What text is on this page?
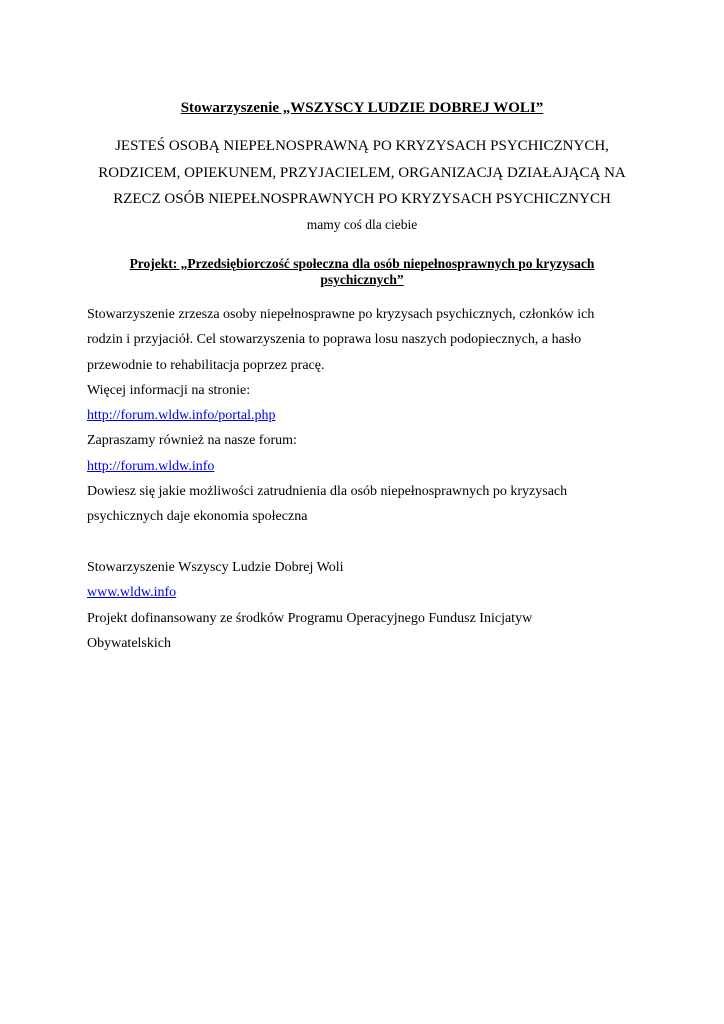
Stowarzyszenie „WSZYSCY LUDZIE DOBREJ WOLI”
JESTEŚ OSOBĄ NIEPEŁNOSPRAWNĄ PO KRYZYSACH PSYCHICZNYCH,
RODZICEM, OPIEKUNEM, PRZYJACIELEM, ORGANIZACJĄ DZIAŁAJĄCĄ NA
RZECZ OSÓB NIEPEŁNOSPRAWNYCH PO KRYZYSACH PSYCHICZNYCH
mamy coś dla ciebie
Projekt: „Przedsiębiorczość społeczna dla osób niepełnosprawnych po kryzysach
psychicznych”
Stowarzyszenie zrzesza osoby niepełnosprawne po kryzysach psychicznych, członków ich
rodzin i przyjaciół. Cel stowarzyszenia to poprawa losu naszych podopiecznych, a hasło
przewodnie to rehabilitacja poprzez pracę.
Więcej informacji na stronie:
http://forum.wldw.info/portal.php
Zapraszamy również na nasze forum:
http://forum.wldw.info
Dowiesz się jakie możliwości zatrudnienia dla osób niepełnosprawnych po kryzysach
psychicznych daje ekonomia społeczna
Stowarzyszenie Wszyscy Ludzie Dobrej Woli
www.wldw.info
Projekt dofinansowany ze środków Programu Operacyjnego Fundusz Inicjatyw
Obywatelskich
